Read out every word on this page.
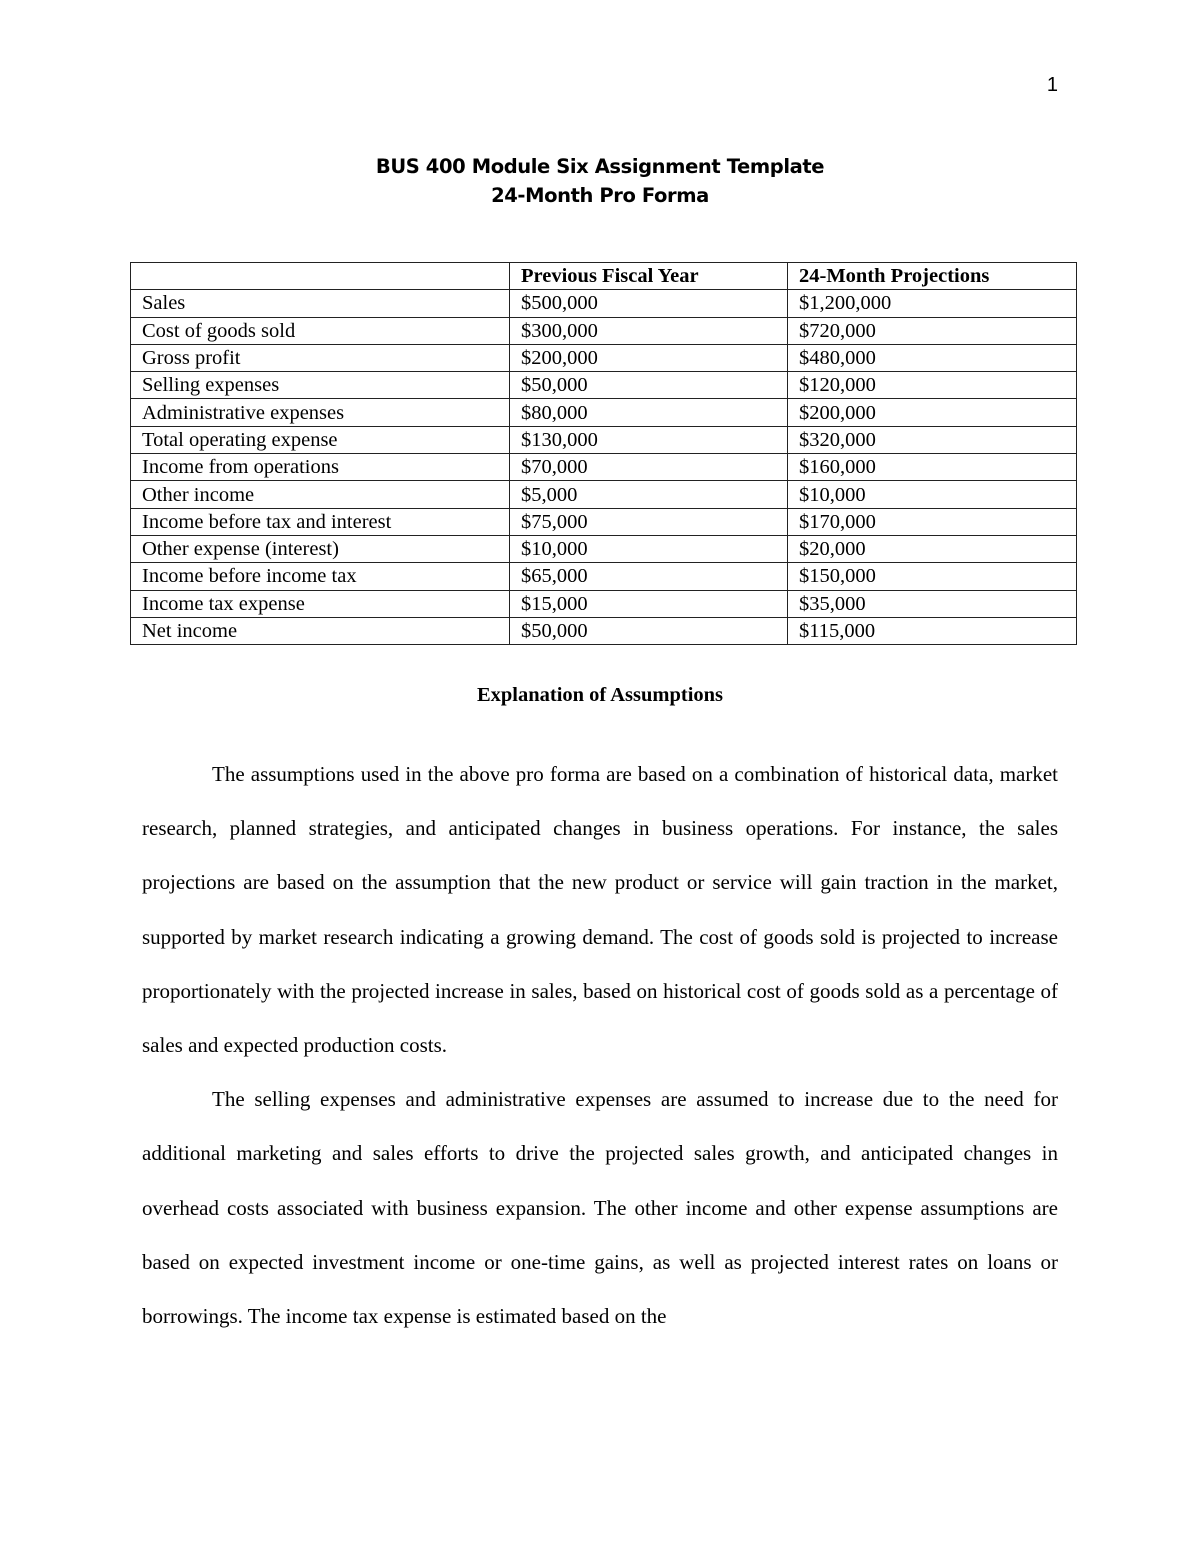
1
BUS 400 Module Six Assignment Template
24-Month Pro Forma
	Previous Fiscal Year	24-Month Projections
Sales	$500,000	$1,200,000
Cost of goods sold	$300,000	$720,000
Gross profit	$200,000	$480,000
Selling expenses	$50,000	$120,000
Administrative expenses	$80,000	$200,000
Total operating expense	$130,000	$320,000
Income from operations	$70,000	$160,000
Other income	$5,000	$10,000
Income before tax and interest	$75,000	$170,000
Other expense (interest)	$10,000	$20,000
Income before income tax	$65,000	$150,000
Income tax expense	$15,000	$35,000
Net income	$50,000	$115,000
Explanation of Assumptions

The assumptions used in the above pro forma are based on a combination of historical data, market research, planned strategies, and anticipated changes in business operations. For instance, the sales projections are based on the assumption that the new product or service will gain traction in the market, supported by market research indicating a growing demand. The cost of goods sold is projected to increase proportionately with the projected increase in sales, based on historical cost of goods sold as a percentage of sales and expected production costs.

The selling expenses and administrative expenses are assumed to increase due to the need for additional marketing and sales efforts to drive the projected sales growth, and anticipated changes in overhead costs associated with business expansion. The other income and other expense assumptions are based on expected investment income or one-time gains, as well as projected interest rates on loans or borrowings. The income tax expense is estimated based on the
